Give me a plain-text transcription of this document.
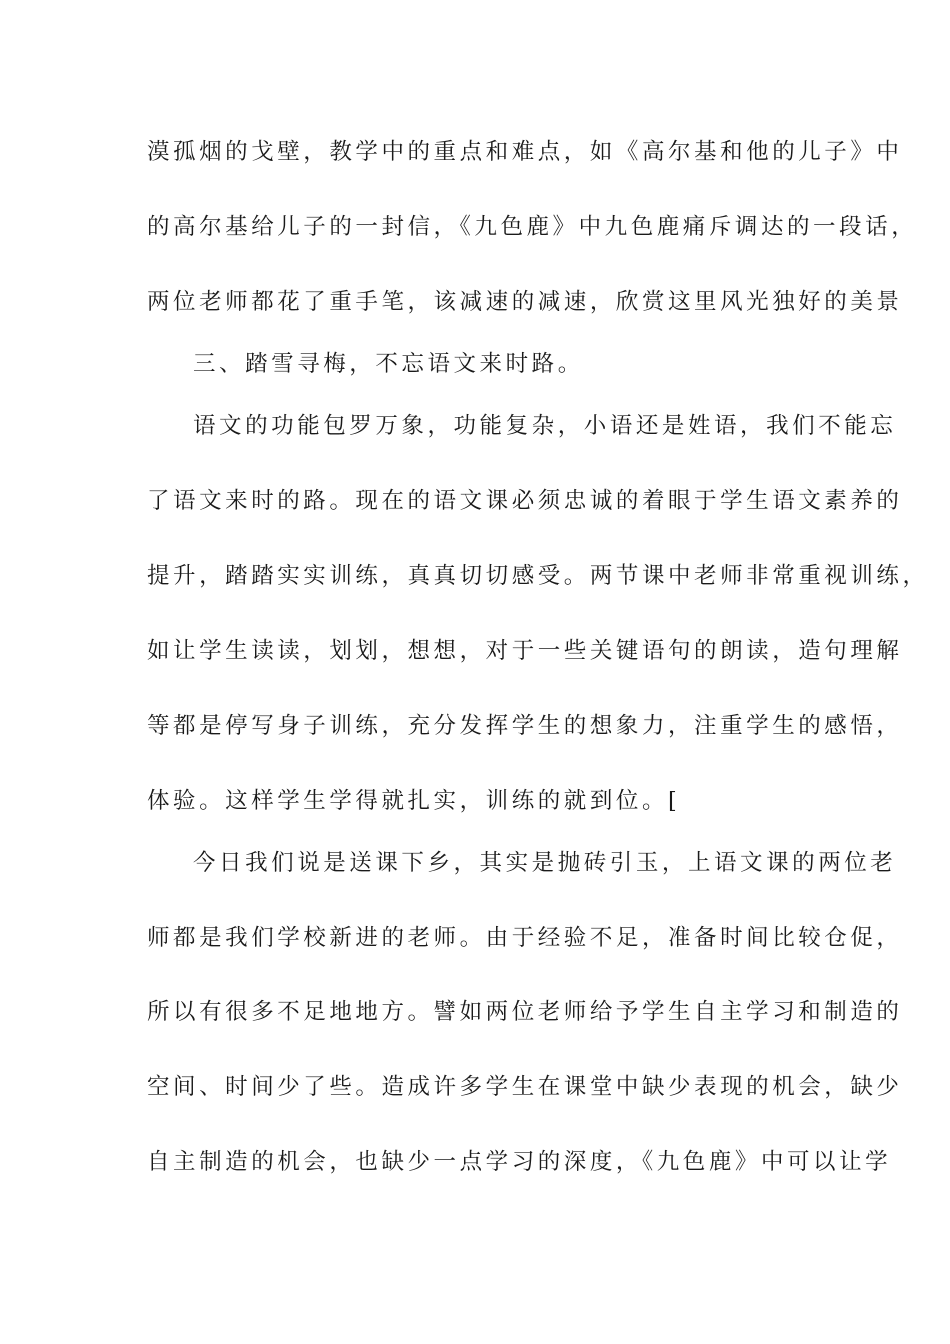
漠孤烟的戈壁，教学中的重点和难点，如《高尔基和他的儿子》中
的高尔基给儿子的一封信，《九色鹿》中九色鹿痛斥调达的一段话，
两位老师都花了重手笔，该减速的减速，欣赏这里风光独好的美景
三、踏雪寻梅，不忘语文来时路。
语文的功能包罗万象，功能复杂，小语还是姓语，我们不能忘
了语文来时的路。现在的语文课必须忠诚的着眼于学生语文素养的
提升，踏踏实实训练，真真切切感受。两节课中老师非常重视训练，
如让学生读读，划划，想想，对于一些关键语句的朗读，造句理解
等都是停写身子训练，充分发挥学生的想象力，注重学生的感悟，
体验。这样学生学得就扎实，训练的就到位。[
今日我们说是送课下乡，其实是抛砖引玉，上语文课的两位老
师都是我们学校新进的老师。由于经验不足，准备时间比较仓促，
所以有很多不足地地方。譬如两位老师给予学生自主学习和制造的
空间、时间少了些。造成许多学生在课堂中缺少表现的机会，缺少
自主制造的机会，也缺少一点学习的深度，《九色鹿》中可以让学
